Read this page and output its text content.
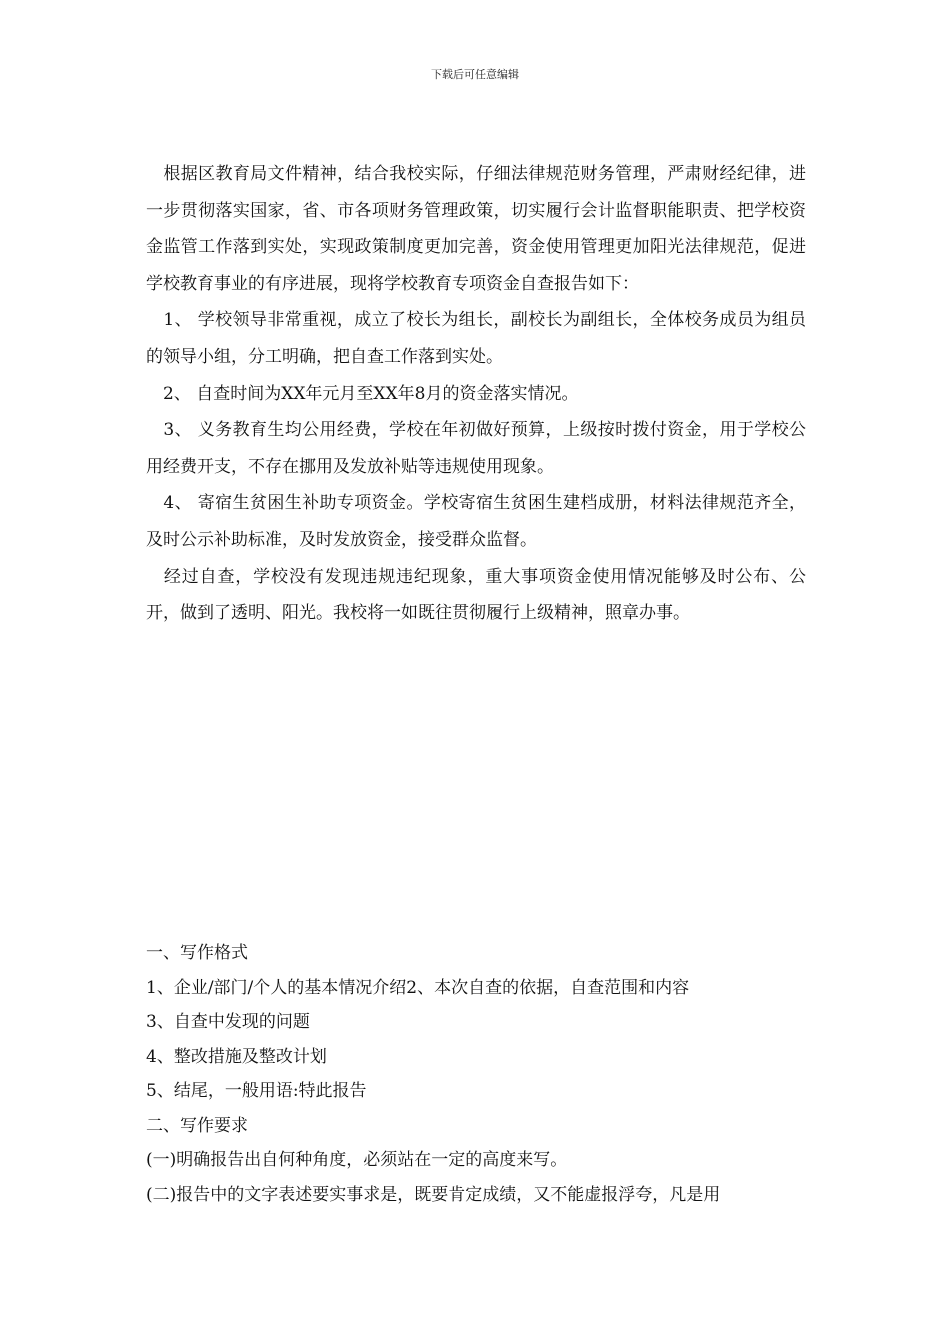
下载后可任意编辑

　根据区教育局文件精神，结合我校实际，仔细法律规范财务管理，严肃财经纪律，进一步贯彻落实国家，省、市各项财务管理政策，切实履行会计监督职能职责、把学校资金监管工作落到实处，实现政策制度更加完善，资金使用管理更加阳光法律规范，促进学校教育事业的有序进展，现将学校教育专项资金自查报告如下：

　1、 学校领导非常重视，成立了校长为组长，副校长为副组长，全体校务成员为组员的领导小组，分工明确，把自查工作落到实处。

　2、 自查时间为XX年元月至XX年8月的资金落实情况。

　3、 义务教育生均公用经费，学校在年初做好预算，上级按时拨付资金，用于学校公用经费开支，不存在挪用及发放补贴等违规使用现象。

　4、 寄宿生贫困生补助专项资金。学校寄宿生贫困生建档成册，材料法律规范齐全，及时公示补助标准，及时发放资金，接受群众监督。

　经过自查，学校没有发现违规违纪现象，重大事项资金使用情况能够及时公布、公开，做到了透明、阳光。我校将一如既往贯彻履行上级精神，照章办事。

一、写作格式

1、企业/部门/个人的基本情况介绍2、本次自查的依据，自查范围和内容

3、自查中发现的问题

4、整改措施及整改计划

5、结尾，一般用语:特此报告

二、写作要求

(一)明确报告出自何种角度，必须站在一定的高度来写。

(二)报告中的文字表述要实事求是，既要肯定成绩，又不能虚报浮夸，凡是用
